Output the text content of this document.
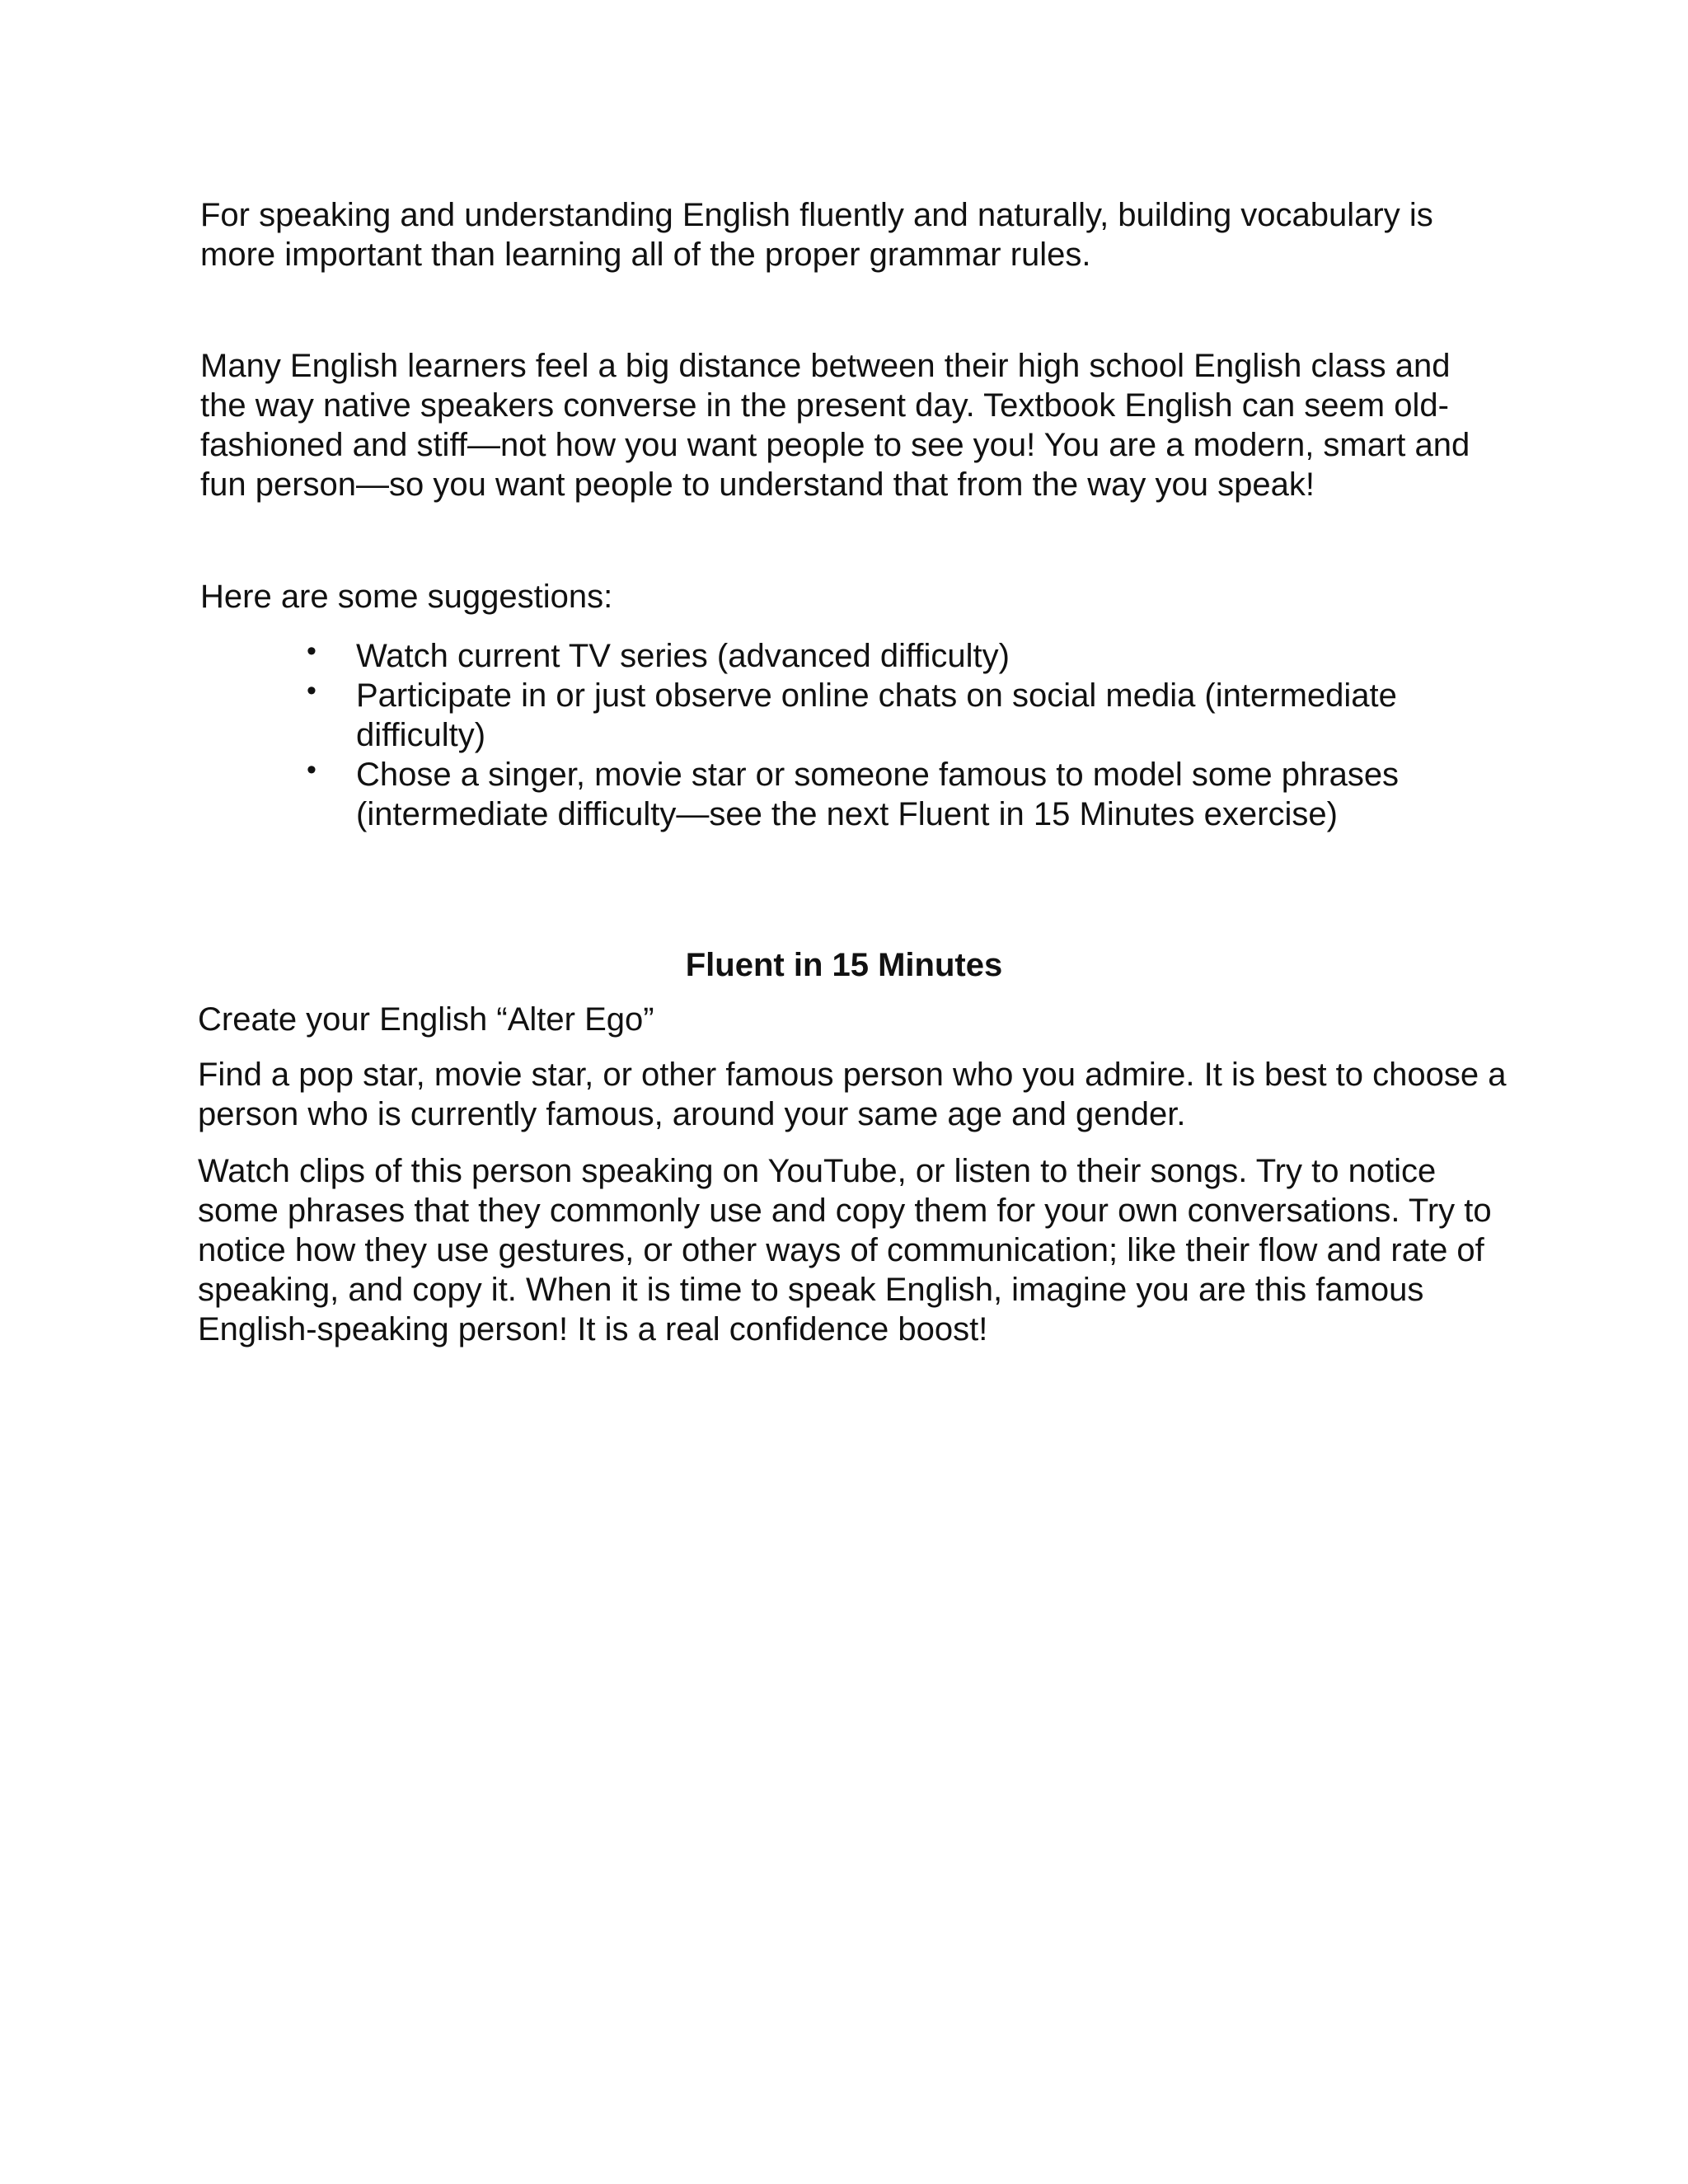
For speaking and understanding English fluently and naturally, building vocabulary is more important than learning all of the proper grammar rules.

Many English learners feel a big distance between their high school English class and the way native speakers converse in the present day. Textbook English can seem old-fashioned and stiff—not how you want people to see you! You are a modern, smart and fun person—so you want people to understand that from the way you speak!

Here are some suggestions:

• Watch current TV series (advanced difficulty)
• Participate in or just observe online chats on social media (intermediate difficulty)
• Chose a singer, movie star or someone famous to model some phrases (intermediate difficulty—see the next Fluent in 15 Minutes exercise)
Fluent in 15 Minutes

Create your English “Alter Ego”

Find a pop star, movie star, or other famous person who you admire. It is best to choose a person who is currently famous, around your same age and gender.

Watch clips of this person speaking on YouTube, or listen to their songs. Try to notice some phrases that they commonly use and copy them for your own conversations. Try to notice how they use gestures, or other ways of communication; like their flow and rate of speaking, and copy it. When it is time to speak English, imagine you are this famous English-speaking person! It is a real confidence boost!
